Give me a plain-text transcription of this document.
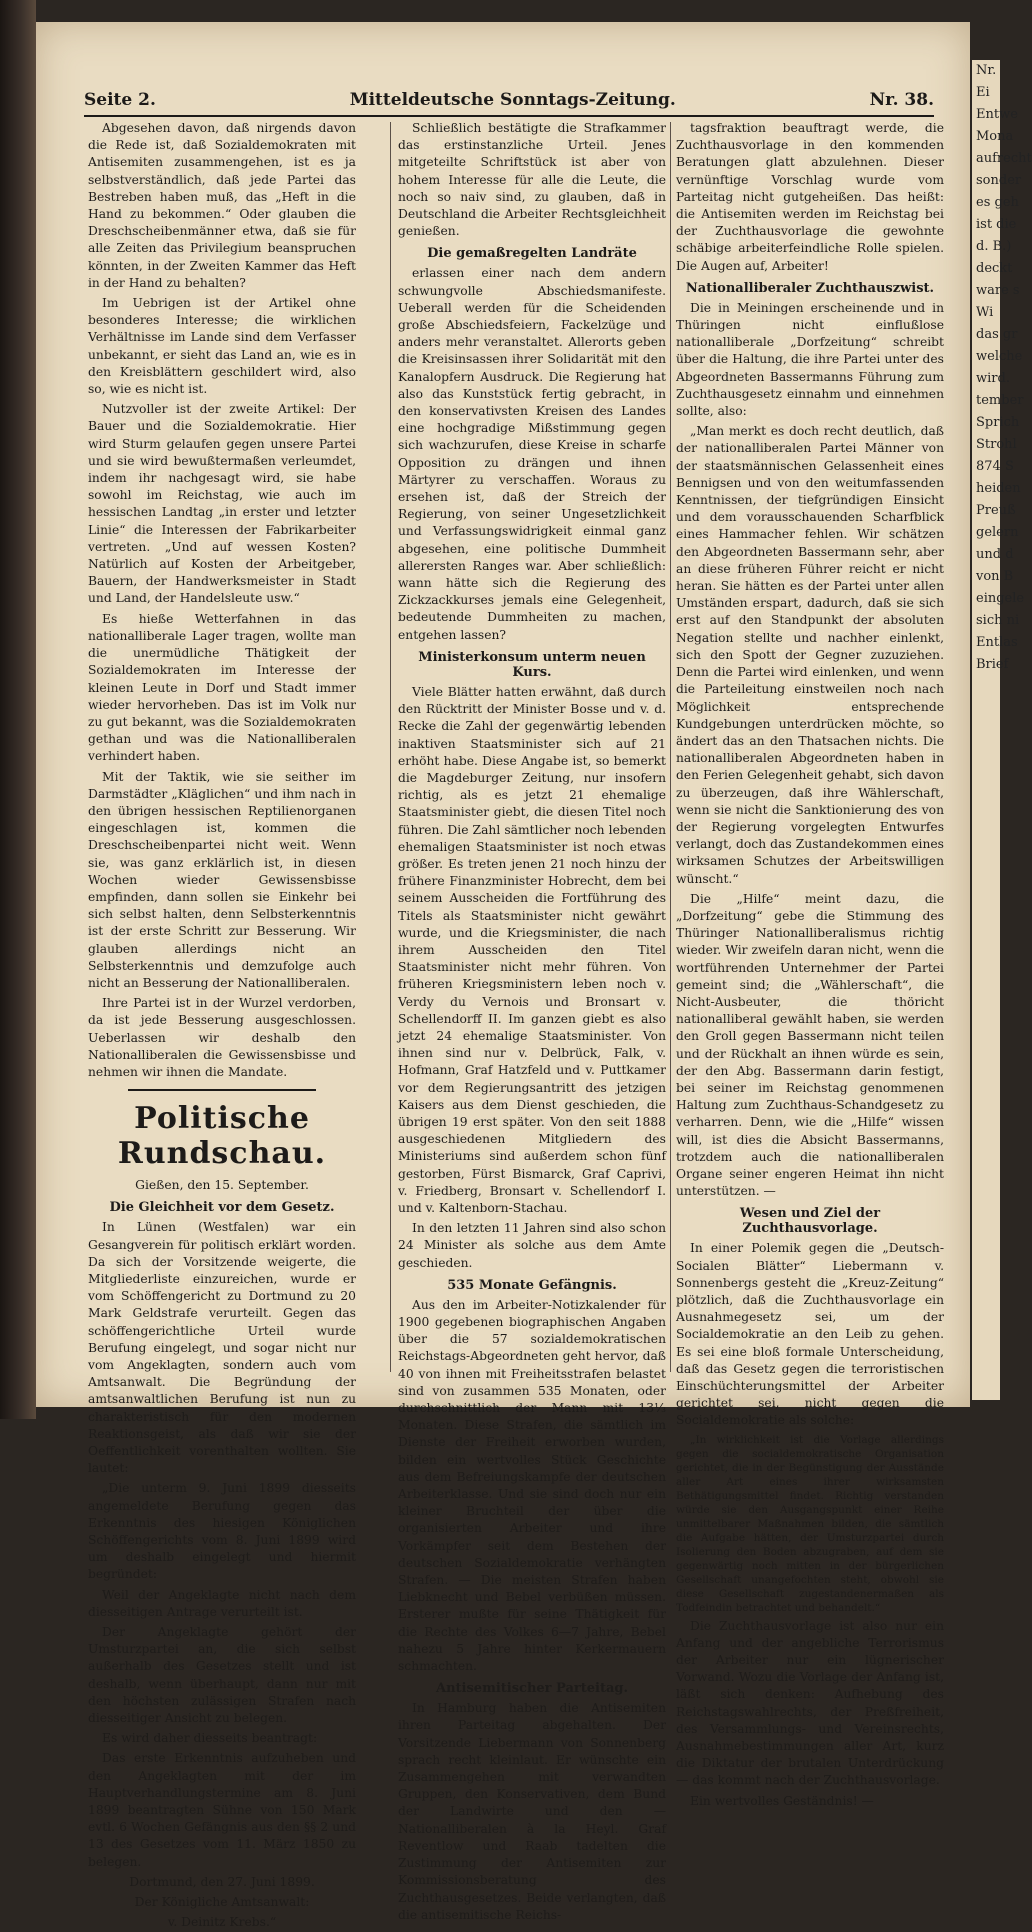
Nr.
Ei
Entwe
Mona
aufrecht
sonder
es geh
ist die
d. B.)
deckt
ware s
Wi
das gr
welche
wird.
tember
Sprich
Strohl
874 S
heiden
Preuß
gelern
und d
von B
eingele
sich ni
Entlas
Brief
Seite 2.	Mitteldeutsche Sonntags-Zeitung.	Nr. 38.

Abgesehen davon, daß nirgends davon die Rede ist, daß Sozialdemokraten mit Antisemiten zusammengehen, ist es ja selbstverständlich, daß jede Partei das Bestreben haben muß, das „Heft in die Hand zu bekommen.“ Oder glauben die Dreschscheibenmänner etwa, daß sie für alle Zeiten das Privilegium beanspruchen könnten, in der Zweiten Kammer das Heft in der Hand zu behalten?

Im Uebrigen ist der Artikel ohne besonderes Interesse; die wirklichen Verhältnisse im Lande sind dem Verfasser unbekannt, er sieht das Land an, wie es in den Kreisblättern geschildert wird, also so, wie es nicht ist.

Nutzvoller ist der zweite Artikel: Der Bauer und die Sozialdemokratie. Hier wird Sturm gelaufen gegen unsere Partei und sie wird bewußtermaßen verleumdet, indem ihr nachgesagt wird, sie habe sowohl im Reichstag, wie auch im hessischen Landtag „in erster und letzter Linie“ die Interessen der Fabrikarbeiter vertreten. „Und auf wessen Kosten? Natürlich auf Kosten der Arbeitgeber, Bauern, der Handwerksmeister in Stadt und Land, der Handelsleute usw.“

Es hieße Wetterfahnen in das nationalliberale Lager tragen, wollte man die unermüdliche Thätigkeit der Sozialdemokraten im Interesse der kleinen Leute in Dorf und Stadt immer wieder hervorheben. Das ist im Volk nur zu gut bekannt, was die Sozialdemokraten gethan und was die Nationalliberalen verhindert haben.

Mit der Taktik, wie sie seither im Darmstädter „Kläglichen“ und ihm nach in den übrigen hessischen Reptilienorganen eingeschlagen ist, kommen die Dreschscheibenpartei nicht weit. Wenn sie, was ganz erklärlich ist, in diesen Wochen wieder Gewissensbisse empfinden, dann sollen sie Einkehr bei sich selbst halten, denn Selbsterkenntnis ist der erste Schritt zur Besserung. Wir glauben allerdings nicht an Selbsterkenntnis und demzufolge auch nicht an Besserung der Nationalliberalen.

Ihre Partei ist in der Wurzel verdorben, da ist jede Besserung ausgeschlossen. Ueberlassen wir deshalb den Nationalliberalen die Gewissensbisse und nehmen wir ihnen die Mandate.

Politische Rundschau.

Gießen, den 15. September.

Die Gleichheit vor dem Gesetz.

In Lünen (Westfalen) war ein Gesangverein für politisch erklärt worden. Da sich der Vorsitzende weigerte, die Mitgliederliste einzureichen, wurde er vom Schöffengericht zu Dortmund zu 20 Mark Geldstrafe verurteilt. Gegen das schöffengerichtliche Urteil wurde Berufung eingelegt, und sogar nicht nur vom Angeklagten, sondern auch vom Amtsanwalt. Die Begründung der amtsanwaltlichen Berufung ist nun zu charakteristisch für den modernen Reaktionsgeist, als daß wir sie der Oeffentlichkeit vorenthalten wollten. Sie lautet:

„Die unterm 9. Juni 1899 diesseits angemeldete Berufung gegen das Erkenntnis des hiesigen Königlichen Schöffengerichts vom 8. Juni 1899 wird um deshalb eingelegt und hiermit begründet:

Weil der Angeklagte nicht nach dem diesseitigen Antrage verurteilt ist.

Der Angeklagte gehört der Umsturzpartei an, die sich selbst außerhalb des Gesetzes stellt und ist deshalb, wenn überhaupt, dann nur mit den höchsten zulässigen Strafen nach diesseitiger Ansicht zu belegen.

Es wird daher diesseits beantragt:

Das erste Erkenntnis aufzuheben und den Angeklagten mit der im Hauptverhandlungstermine am 8. Juni 1899 beantragten Sühne von 150 Mark evtl. 6 Wochen Gefängnis aus den §§ 2 und 13 des Gesetzes vom 11. März 1850 zu belegen.

Dortmund, den 27. Juni 1899.

Der Königliche Amtsanwalt:

v. Deinitz Krebs.“

Schließlich bestätigte die Strafkammer das erstinstanzliche Urteil. Jenes mitgeteilte Schriftstück ist aber von hohem Interesse für alle die Leute, die noch so naiv sind, zu glauben, daß in Deutschland die Arbeiter Rechtsgleichheit genießen.

Die gemaßregelten Landräte

erlassen einer nach dem andern schwungvolle Abschiedsmanifeste. Ueberall werden für die Scheidenden große Abschiedsfeiern, Fackelzüge und anders mehr veranstaltet. Allerorts geben die Kreisinsassen ihrer Solidarität mit den Kanalopfern Ausdruck. Die Regierung hat also das Kunststück fertig gebracht, in den konservativsten Kreisen des Landes eine hochgradige Mißstimmung gegen sich wachzurufen, diese Kreise in scharfe Opposition zu drängen und ihnen Märtyrer zu verschaffen. Woraus zu ersehen ist, daß der Streich der Regierung, von seiner Ungesetzlichkeit und Verfassungswidrigkeit einmal ganz abgesehen, eine politische Dummheit allerersten Ranges war. Aber schließlich: wann hätte sich die Regierung des Zickzackkurses jemals eine Gelegenheit, bedeutende Dummheiten zu machen, entgehen lassen?

Ministerkonsum unterm neuen Kurs.

Viele Blätter hatten erwähnt, daß durch den Rücktritt der Minister Bosse und v. d. Recke die Zahl der gegenwärtig lebenden inaktiven Staatsminister sich auf 21 erhöht habe. Diese Angabe ist, so bemerkt die Magdeburger Zeitung, nur insofern richtig, als es jetzt 21 ehemalige Staatsminister giebt, die diesen Titel noch führen. Die Zahl sämtlicher noch lebenden ehemaligen Staatsminister ist noch etwas größer. Es treten jenen 21 noch hinzu der frühere Finanzminister Hobrecht, dem bei seinem Ausscheiden die Fortführung des Titels als Staatsminister nicht gewährt wurde, und die Kriegsminister, die nach ihrem Ausscheiden den Titel Staatsminister nicht mehr führen. Von früheren Kriegsministern leben noch v. Verdy du Vernois und Bronsart v. Schellendorff II. Im ganzen giebt es also jetzt 24 ehemalige Staatsminister. Von ihnen sind nur v. Delbrück, Falk, v. Hofmann, Graf Hatzfeld und v. Puttkamer vor dem Regierungsantritt des jetzigen Kaisers aus dem Dienst geschieden, die übrigen 19 erst später. Von den seit 1888 ausgeschiedenen Mitgliedern des Ministeriums sind außerdem schon fünf gestorben, Fürst Bismarck, Graf Caprivi, v. Friedberg, Bronsart v. Schellendorf I. und v. Kaltenborn-Stachau.

In den letzten 11 Jahren sind also schon 24 Minister als solche aus dem Amte geschieden.

535 Monate Gefängnis.

Aus den im Arbeiter-Notizkalender für 1900 gegebenen biographischen Angaben über die 57 sozialdemokratischen Reichstags-Abgeordneten geht hervor, daß 40 von ihnen mit Freiheitsstrafen belastet sind von zusammen 535 Monaten, oder durchschnittlich der Mann mit 13⅓ Monaten. Diese Strafen, die sämtlich im Dienste der Freiheit erworben wurden, bilden ein wertvolles Stück Geschichte aus dem Befreiungskampfe der deutschen Arbeiterklasse. Und sie sind doch nur ein kleiner Bruchteil der über die organisierten Arbeiter und ihre Vorkämpfer seit dem Bestehen der deutschen Sozialdemokratie verhängten Strafen. — Die meisten Strafen haben Liebknecht und Bebel verbüßen müssen. Ersterer mußte für seine Thätigkeit für die Rechte des Volkes 6—7 Jahre, Bebel nahezu 5 Jahre hinter Kerkermauern schmachten.

Antisemitischer Parteitag.

In Hamburg haben die Antisemiten ihren Parteitag abgehalten. Der Vorsitzende Liebermann von Sonnenberg sprach recht kleinlaut. Er wünschte ein Zusammengehen mit verwandten Gruppen, den Konservativen, dem Bund der Landwirte und den — Nationalliberalen à la Heyl. Graf Reventlow und Raab tadelten die Zustimmung der Antisemiten zur Kommissionsberatung des Zuchthausgesetzes. Beide verlangten, daß die antisemitische Reichs-

tagsfraktion beauftragt werde, die Zuchthausvorlage in den kommenden Beratungen glatt abzulehnen. Dieser vernünftige Vorschlag wurde vom Parteitag nicht gutgeheißen. Das heißt: die Antisemiten werden im Reichstag bei der Zuchthausvorlage die gewohnte schäbige arbeiterfeindliche Rolle spielen. Die Augen auf, Arbeiter!

Nationalliberaler Zuchthauszwist.

Die in Meiningen erscheinende und in Thüringen nicht einflußlose nationalliberale „Dorfzeitung“ schreibt über die Haltung, die ihre Partei unter des Abgeordneten Bassermanns Führung zum Zuchthausgesetz einnahm und einnehmen sollte, also:

„Man merkt es doch recht deutlich, daß der nationalliberalen Partei Männer von der staatsmännischen Gelassenheit eines Bennigsen und von den weitumfassenden Kenntnissen, der tiefgründigen Einsicht und dem vorausschauenden Scharfblick eines Hammacher fehlen. Wir schätzen den Abgeordneten Bassermann sehr, aber an diese früheren Führer reicht er nicht heran. Sie hätten es der Partei unter allen Umständen erspart, dadurch, daß sie sich erst auf den Standpunkt der absoluten Negation stellte und nachher einlenkt, sich den Spott der Gegner zuzuziehen. Denn die Partei wird einlenken, und wenn die Parteileitung einstweilen noch nach Möglichkeit entsprechende Kundgebungen unterdrücken möchte, so ändert das an den Thatsachen nichts. Die nationalliberalen Abgeordneten haben in den Ferien Gelegenheit gehabt, sich davon zu überzeugen, daß ihre Wählerschaft, wenn sie nicht die Sanktionierung des von der Regierung vorgelegten Entwurfes verlangt, doch das Zustandekommen eines wirksamen Schutzes der Arbeitswilligen wünscht.“

Die „Hilfe“ meint dazu, die „Dorfzeitung“ gebe die Stimmung des Thüringer Nationalliberalismus richtig wieder. Wir zweifeln daran nicht, wenn die wortführenden Unternehmer der Partei gemeint sind; die „Wählerschaft“, die Nicht-Ausbeuter, die thöricht nationalliberal gewählt haben, sie werden den Groll gegen Bassermann nicht teilen und der Rückhalt an ihnen würde es sein, der den Abg. Bassermann darin festigt, bei seiner im Reichstag genommenen Haltung zum Zuchthaus-Schandgesetz zu verharren. Denn, wie die „Hilfe“ wissen will, ist dies die Absicht Bassermanns, trotzdem auch die nationalliberalen Organe seiner engeren Heimat ihn nicht unterstützen. —

Wesen und Ziel der Zuchthausvorlage.

In einer Polemik gegen die „Deutsch-Socialen Blätter“ Liebermann v. Sonnenbergs gesteht die „Kreuz-Zeitung“ plötzlich, daß die Zuchthausvorlage ein Ausnahmegesetz sei, um der Socialdemokratie an den Leib zu gehen. Es sei eine bloß formale Unterscheidung, daß das Gesetz gegen die terroristischen Einschüchterungsmittel der Arbeiter gerichtet sei, nicht gegen die Socialdemokratie als solche:

„In wirklichkeit ist die Vorlage allerdings gegen die socialdemokratische Organisation gerichtet, die in der Begünstigung der Ausstände aller Art eines ihrer wirksamsten Bethätigungsmittel findet. Richtig verstanden würde sie den Ausgangspunkt einer Reihe unmittelbarer Maßnahmen bilden, die sämtlich die Aufgabe hätten, der Umsturzpartei durch Isolierung den Boden abzugraben, auf dem sie gegenwärtig noch mitten in der bürgerlichen Gesellschaft unangefochten steht, obwohl sie diese Gesellschaft zugestandenermaßen als Todfeindin betrachtet und behandelt.“

Die Zuchthausvorlage ist also nur ein Anfang und der angebliche Terrorismus der Arbeiter nur ein lügnerischer Vorwand. Wozu die Vorlage der Anfang ist, läßt sich denken: Aufhebung des Reichstagswahlrechts, der Preßfreiheit, des Versammlungs- und Vereinsrechts, Ausnahmebestimmungen aller Art, kurz die Diktatur der brutalen Unterdrückung — das kommt nach der Zuchthausvorlage.

Ein wertvolles Geständnis! —
